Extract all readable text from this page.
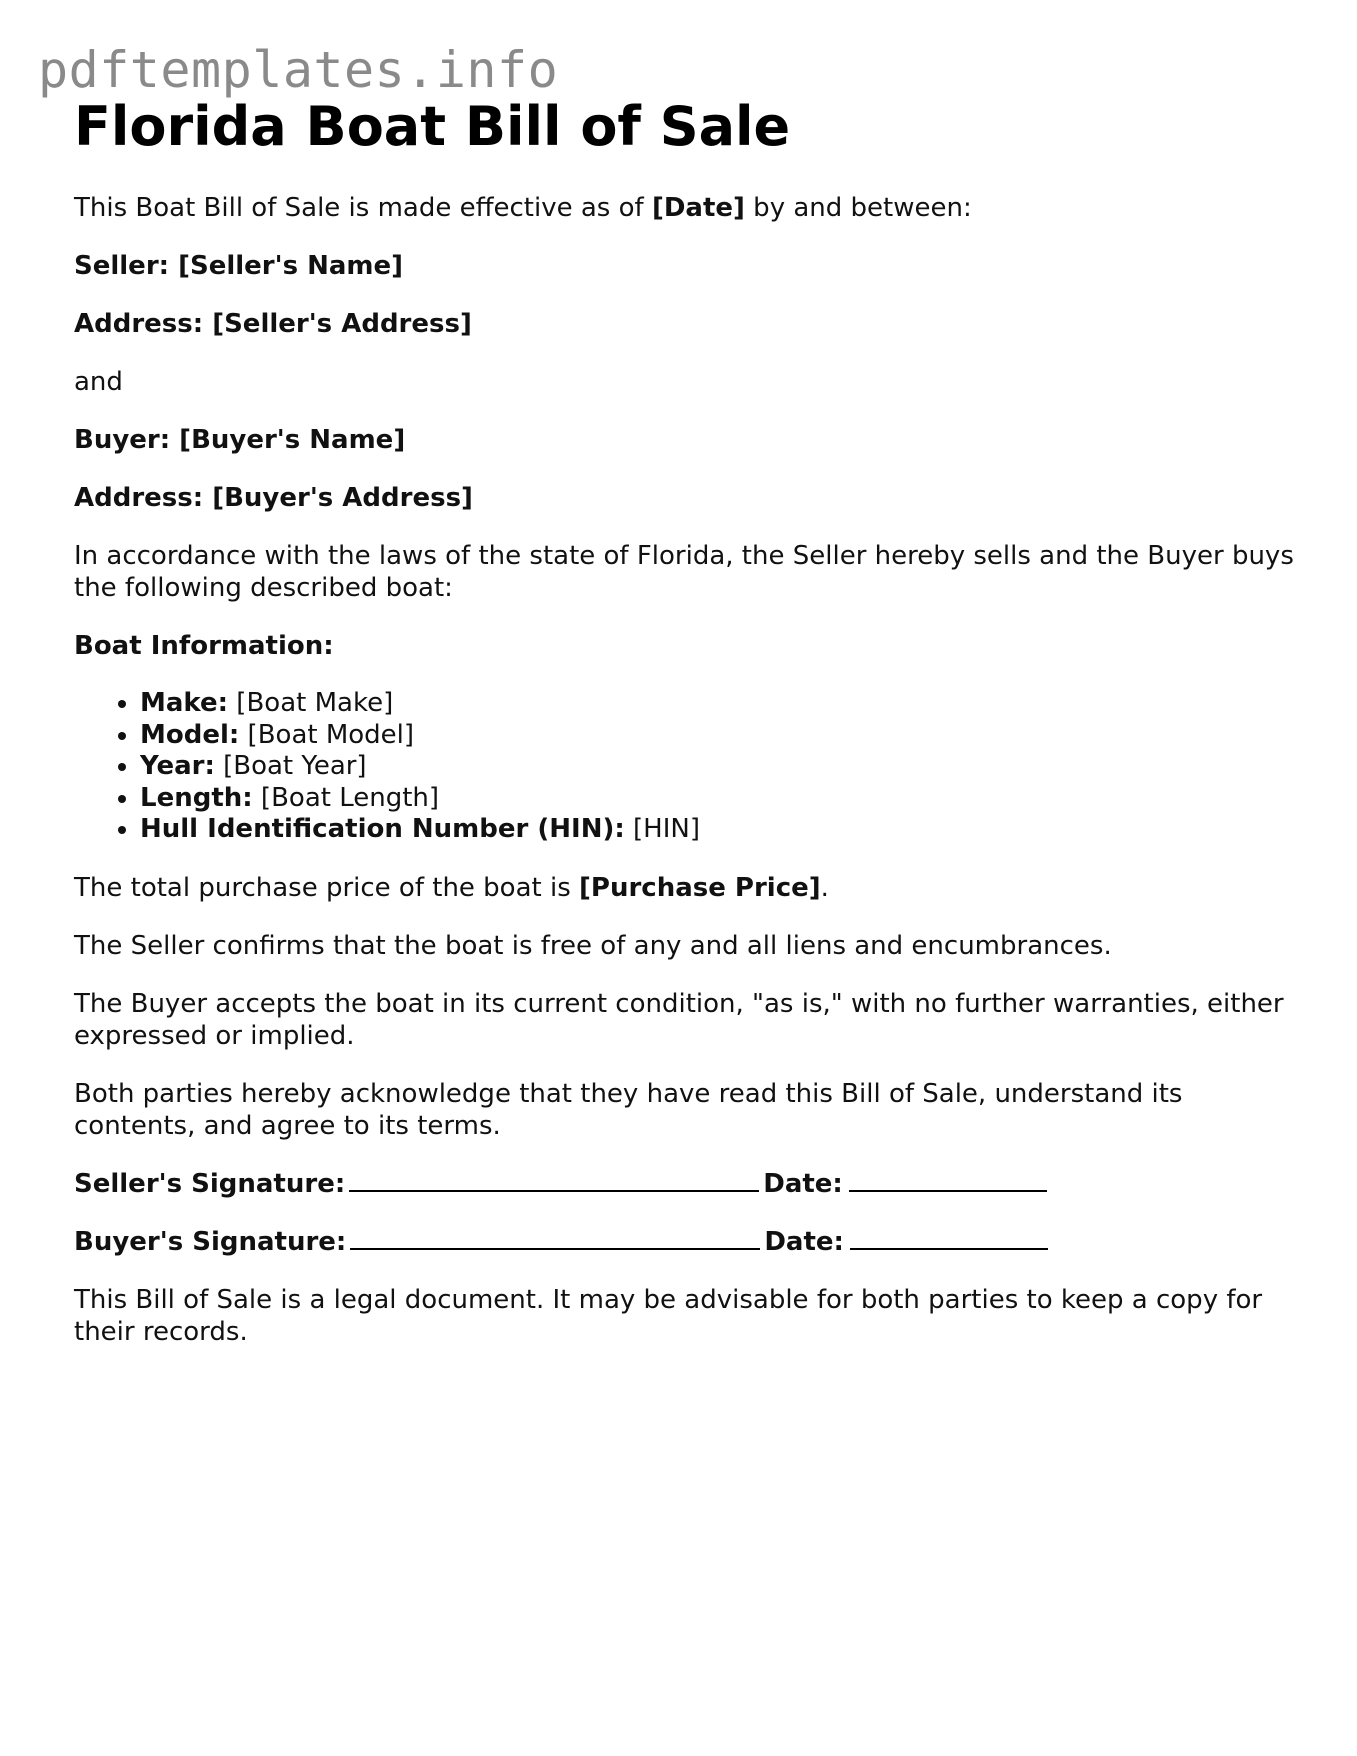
pdftemplates.info
Florida Boat Bill of Sale

This Boat Bill of Sale is made effective as of [Date] by and between:

Seller: [Seller's Name]

Address: [Seller's Address]

and

Buyer: [Buyer's Name]

Address: [Buyer's Address]

In accordance with the laws of the state of Florida, the Seller hereby sells and the Buyer buys the following described boat:

Boat Information:

• Make: [Boat Make]
• Model: [Boat Model]
• Year: [Boat Year]
• Length: [Boat Length]
• Hull Identification Number (HIN): [HIN]

The total purchase price of the boat is [Purchase Price].

The Seller confirms that the boat is free of any and all liens and encumbrances.

The Buyer accepts the boat in its current condition, "as is," with no further warranties, either expressed or implied.

Both parties hereby acknowledge that they have read this Bill of Sale, understand its contents, and agree to its terms.

Seller's Signature:	Date:

Buyer's Signature:	Date:

This Bill of Sale is a legal document. It may be advisable for both parties to keep a copy for their records.
